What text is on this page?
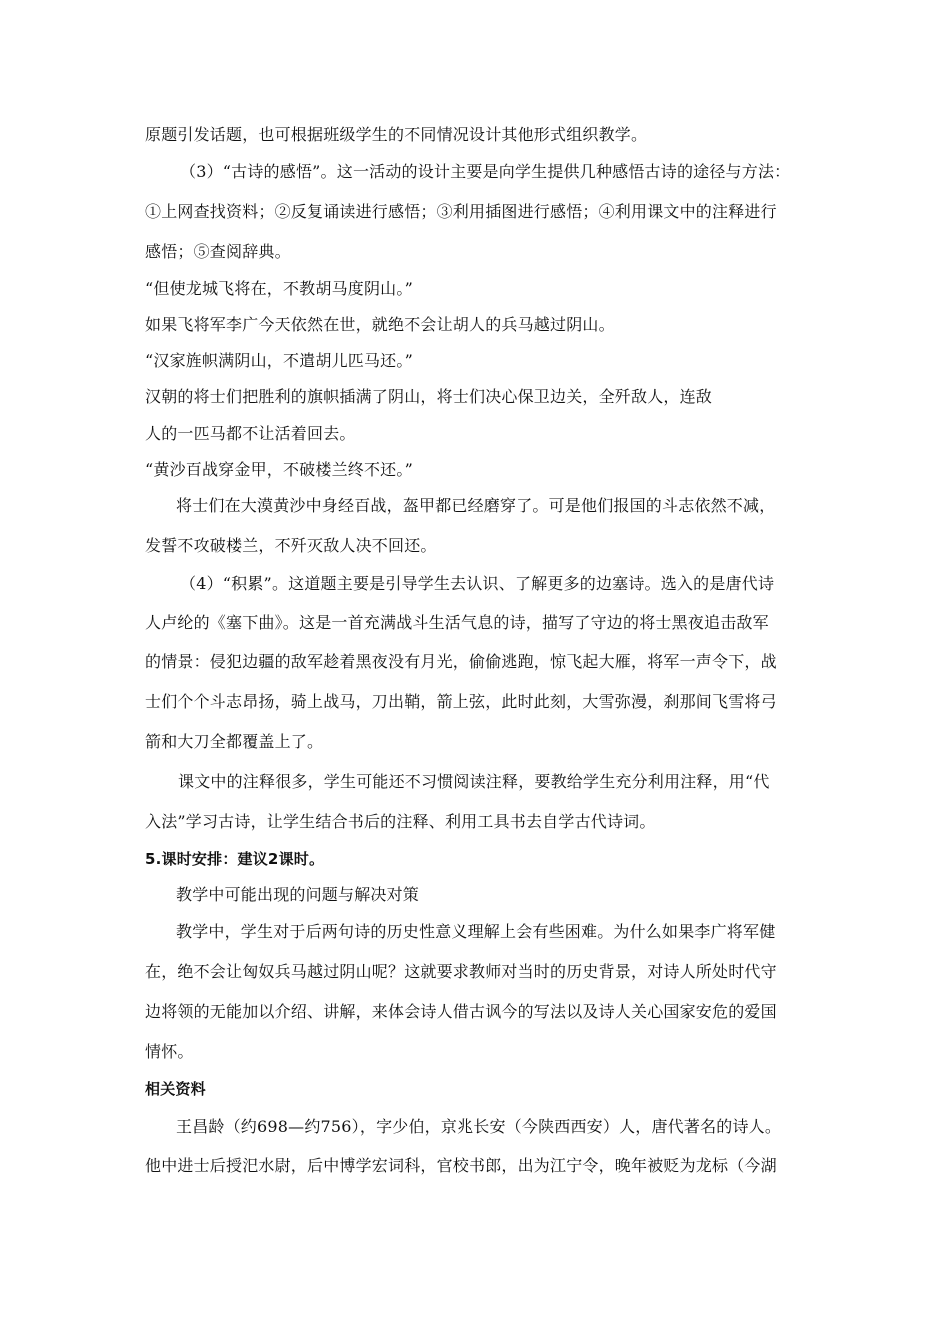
原题引发话题，也可根据班级学生的不同情况设计其他形式组织教学。
（3）“古诗的感悟”。这一活动的设计主要是向学生提供几种感悟古诗的途径与方法：
①上网查找资料；②反复诵读进行感悟；③利用插图进行感悟；④利用课文中的注释进行
感悟；⑤查阅辞典。
“但使龙城飞将在，不教胡马度阴山。”
如果飞将军李广今天依然在世，就绝不会让胡人的兵马越过阴山。
“汉家旌帜满阴山，不遣胡儿匹马还。”
汉朝的将士们把胜利的旗帜插满了阴山，将士们决心保卫边关，全歼敌人，连敌
人的一匹马都不让活着回去。
“黄沙百战穿金甲，不破楼兰终不还。”
将士们在大漠黄沙中身经百战，盔甲都已经磨穿了。可是他们报国的斗志依然不减，
发誓不攻破楼兰，不歼灭敌人决不回还。
（4）“积累”。这道题主要是引导学生去认识、了解更多的边塞诗。选入的是唐代诗
人卢纶的《塞下曲》。这是一首充满战斗生活气息的诗，描写了守边的将士黑夜追击敌军
的情景：侵犯边疆的敌军趁着黑夜没有月光，偷偷逃跑，惊飞起大雁，将军一声令下，战
士们个个斗志昂扬，骑上战马，刀出鞘，箭上弦，此时此刻，大雪弥漫，刹那间飞雪将弓
箭和大刀全都覆盖上了。
课文中的注释很多，学生可能还不习惯阅读注释，要教给学生充分利用注释，用“代
入法”学习古诗，让学生结合书后的注释、利用工具书去自学古代诗词。
5.课时安排：建议2课时。
教学中可能出现的问题与解决对策
教学中，学生对于后两句诗的历史性意义理解上会有些困难。为什么如果李广将军健
在，绝不会让匈奴兵马越过阴山呢？这就要求教师对当时的历史背景，对诗人所处时代守
边将领的无能加以介绍、讲解，来体会诗人借古讽今的写法以及诗人关心国家安危的爱国
情怀。
相关资料
王昌龄（约698—约756），字少伯，京兆长安（今陕西西安）人，唐代著名的诗人。
他中进士后授汜水尉，后中博学宏词科，官校书郎，出为江宁令，晚年被贬为龙标（今湖
